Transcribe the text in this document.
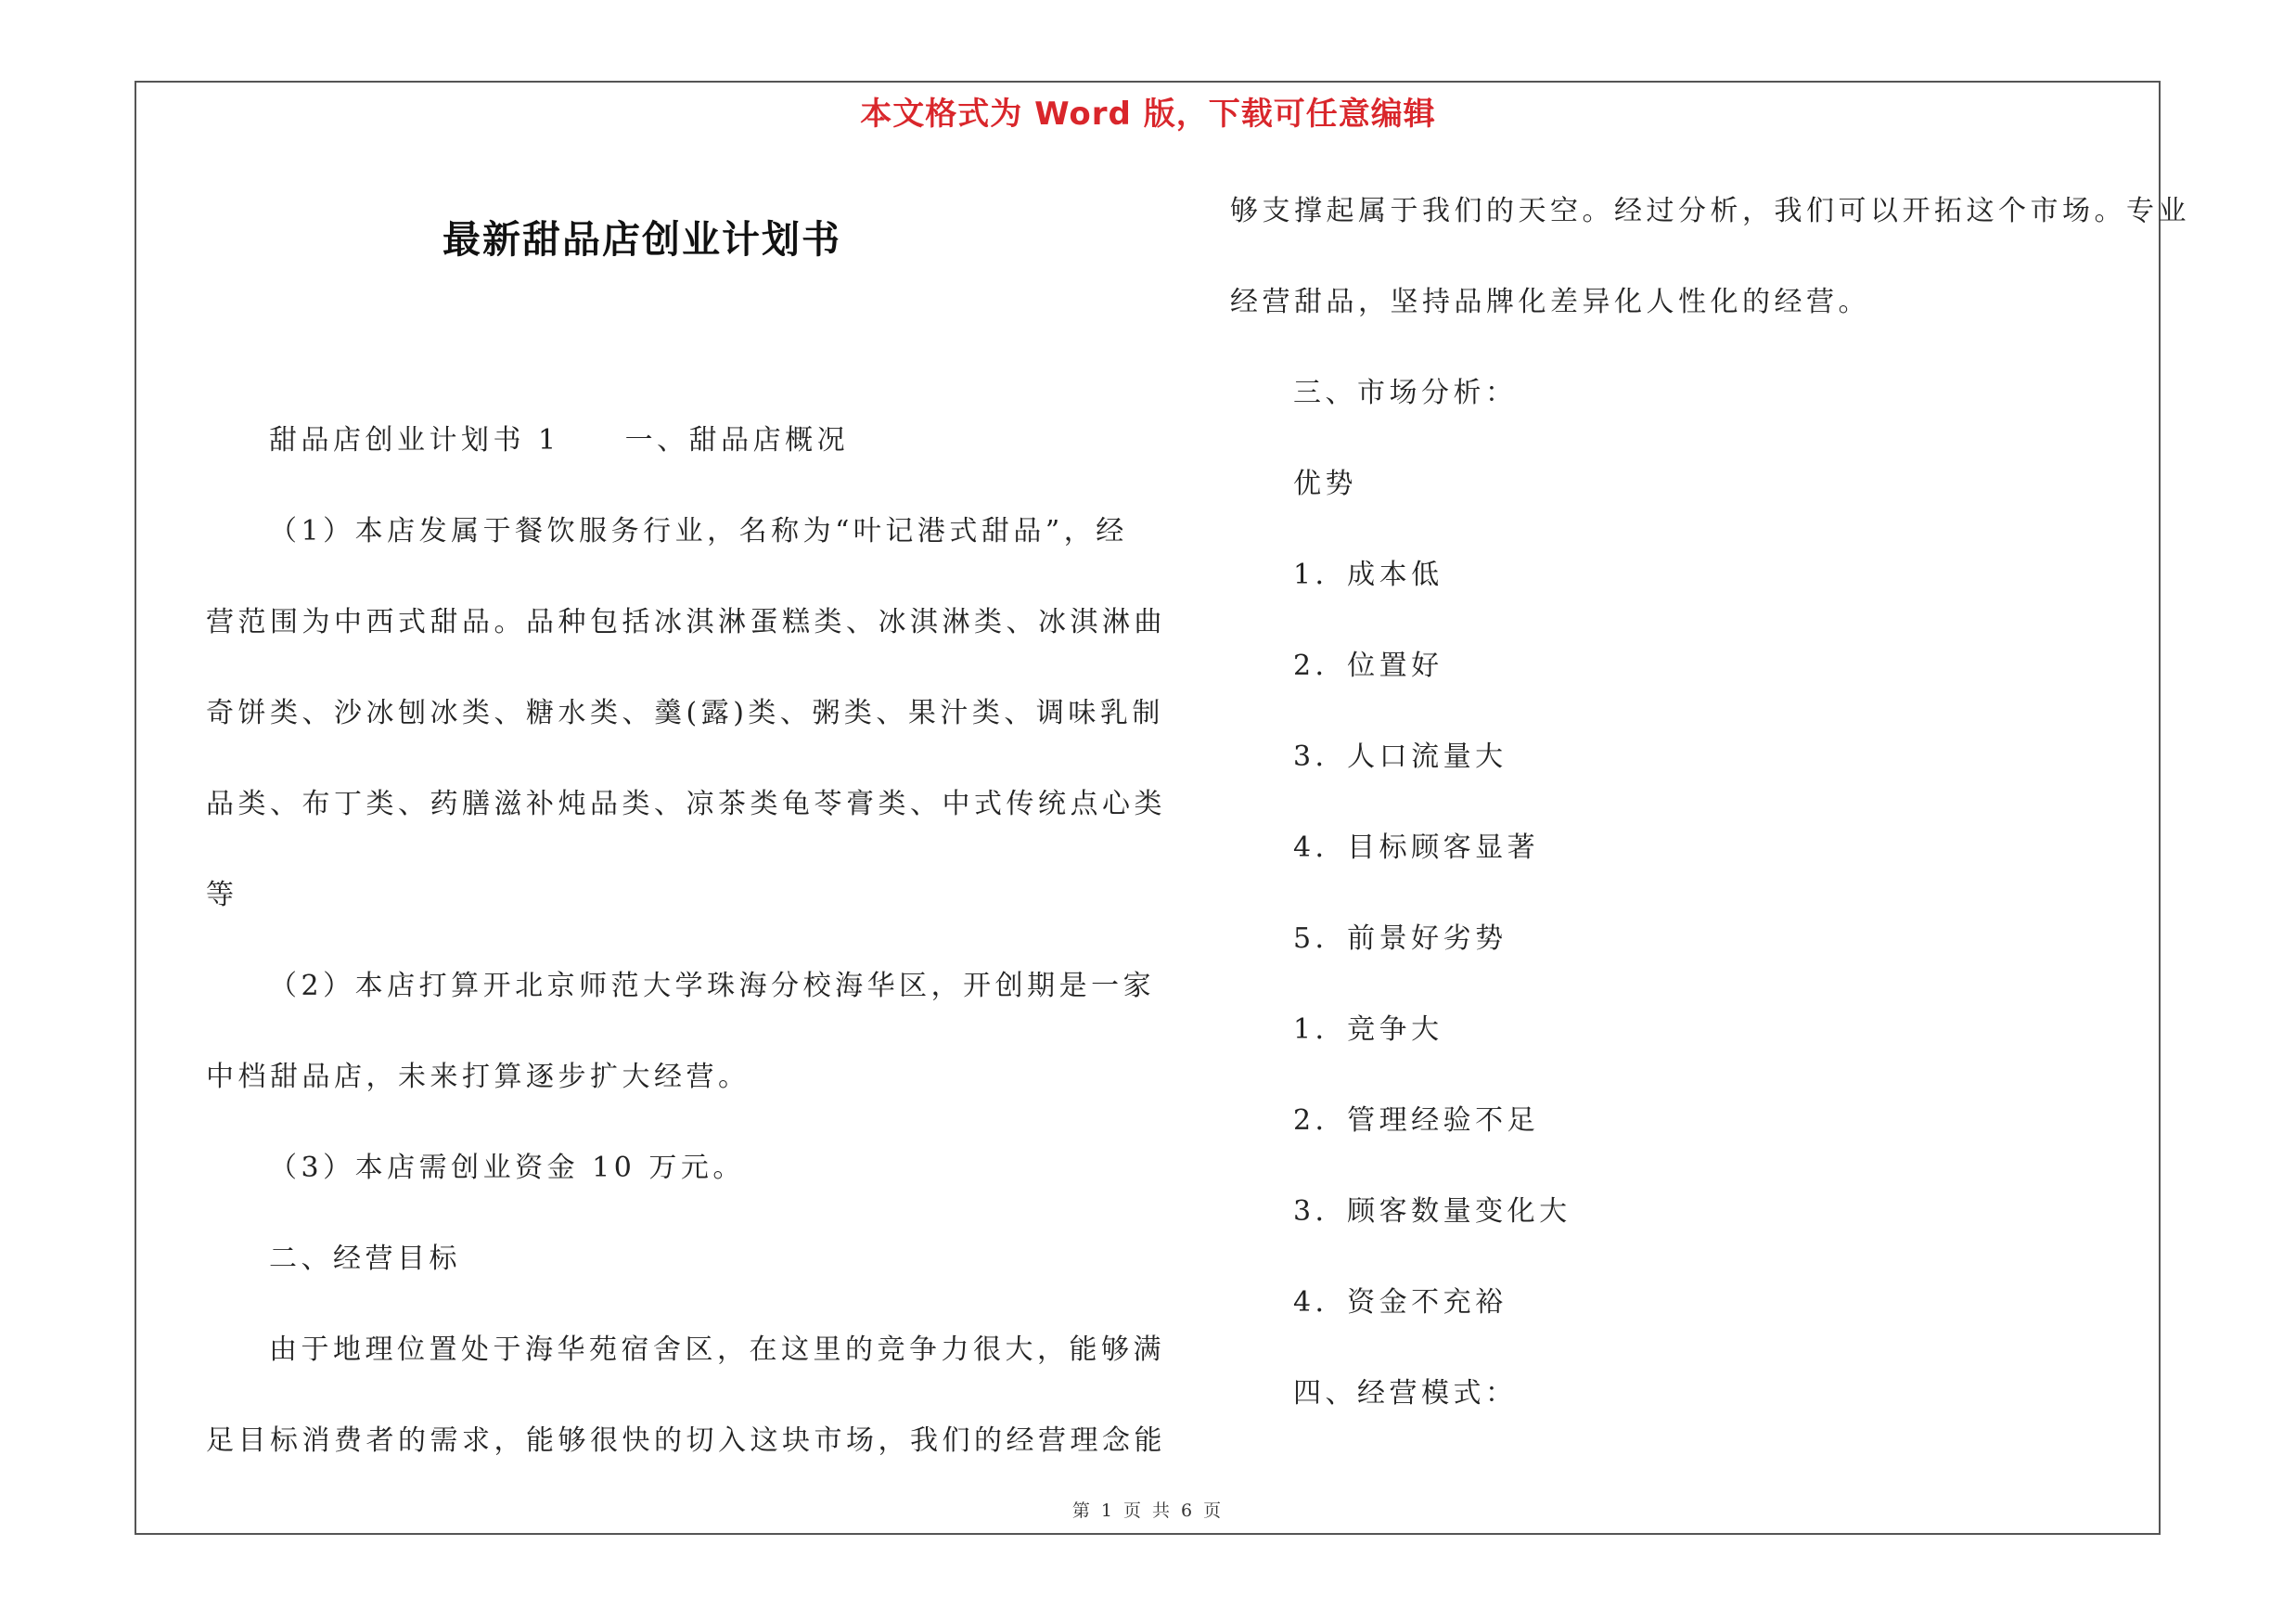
本文格式为 Word 版，下载可任意编辑
最新甜品店创业计划书
甜品店创业计划书 1 一、甜品店概况
（1）本店发属于餐饮服务行业，名称为“叶记港式甜品”，经
营范围为中西式甜品。品种包括冰淇淋蛋糕类、冰淇淋类、冰淇淋曲
奇饼类、沙冰刨冰类、糖水类、羹(露)类、粥类、果汁类、调味乳制
品类、布丁类、药膳滋补炖品类、凉茶类龟苓膏类、中式传统点心类
等
（2）本店打算开北京师范大学珠海分校海华区，开创期是一家
中档甜品店，未来打算逐步扩大经营。
（3）本店需创业资金 10 万元。
二、经营目标
由于地理位置处于海华苑宿舍区，在这里的竞争力很大，能够满
足目标消费者的需求，能够很快的切入这块市场，我们的经营理念能
够支撑起属于我们的天空。经过分析，我们可以开拓这个市场。专业
经营甜品，坚持品牌化差异化人性化的经营。
三、市场分析：
优势
1．成本低
2．位置好
3．人口流量大
4．目标顾客显著
5．前景好劣势
1．竞争大
2．管理经验不足
3．顾客数量变化大
4．资金不充裕
四、经营模式：
第 1 页 共 6 页
